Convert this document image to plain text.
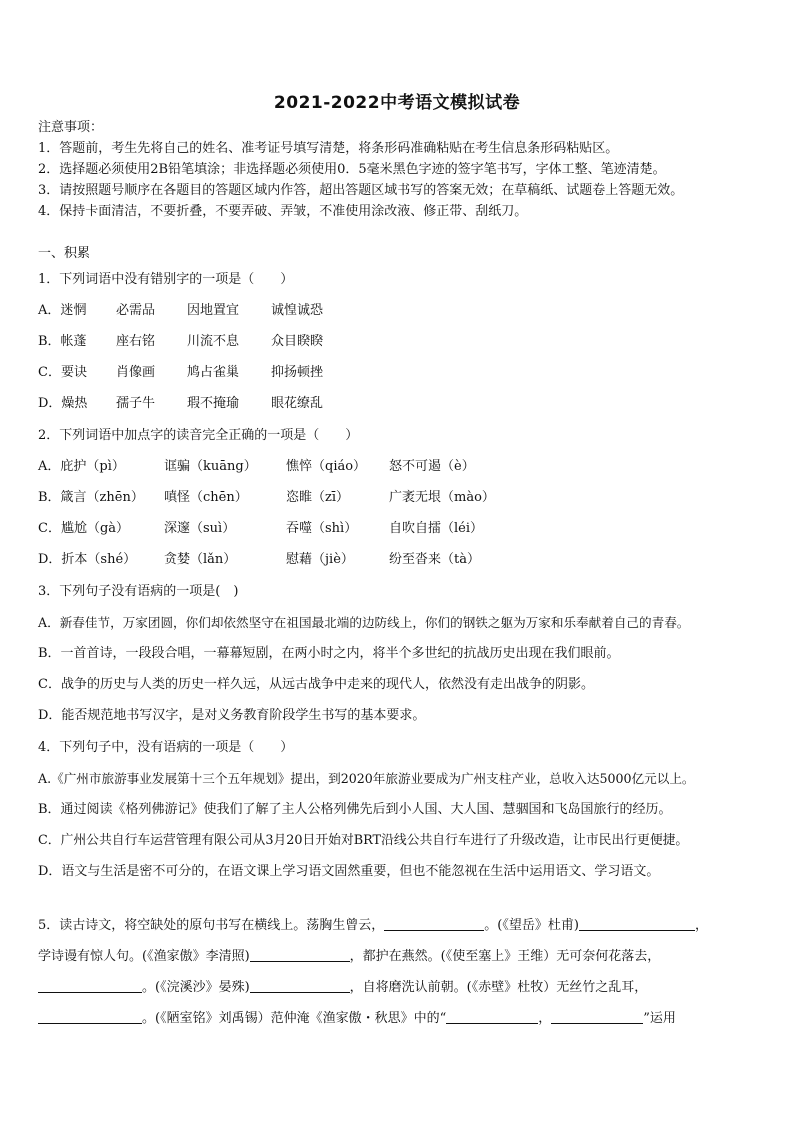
2021-2022中考语文模拟试卷
注意事项：
1．答题前，考生先将自己的姓名、准考证号填写清楚，将条形码准确粘贴在考生信息条形码粘贴区。
2．选择题必须使用2B铅笔填涂；非选择题必须使用0．5毫米黑色字迹的签字笔书写，字体工整、笔迹清楚。
3．请按照题号顺序在各题目的答题区域内作答，超出答题区域书写的答案无效；在草稿纸、试题卷上答题无效。
4．保持卡面清洁，不要折叠，不要弄破、弄皱，不准使用涂改液、修正带、刮纸刀。
一、积累
1．下列词语中没有错别字的一项是（　　）
A．迷惘 必需品 因地置宜 诚惶诚恐
B．帐蓬 座右铭 川流不息 众目睽睽
C．要诀 肖像画 鸠占雀巢 抑扬顿挫
D．燥热 孺子牛 瑕不掩瑜 眼花缭乱
2．下列词语中加点字的读音完全正确的一项是（　　）
A．庇护（pì）	诓骗（kuāng） 憔悴（qiáo） 怒不可遏（è）
B．箴言（zhēn） 嗔怪（chēn）	恣睢（zī）	广袤无垠（mào）
C．尴尬（gà）	深邃（suì）	吞噬（shì） 自吹自擂（léi）
D．折本（shé） 贪婪（lǎn）	慰藉（jiè）	纷至沓来（tà）
3．下列句子没有语病的一项是(　)
A．新春佳节，万家团圆，你们却依然坚守在祖国最北端的边防线上，你们的钢铁之躯为万家和乐奉献着自己的青春。
B．一首首诗，一段段合唱，一幕幕短剧，在两小时之内，将半个多世纪的抗战历史出现在我们眼前。
C．战争的历史与人类的历史一样久远，从远古战争中走来的现代人，依然没有走出战争的阴影。
D．能否规范地书写汉字，是对义务教育阶段学生书写的基本要求。
4．下列句子中，没有语病的一项是（　　）
A.《广州市旅游事业发展第十三个五年规划》提出，到2020年旅游业要成为广州支柱产业，总收入达5000亿元以上。
B．通过阅读《格列佛游记》使我们了解了主人公格列佛先后到小人国、大人国、慧骃国和飞岛国旅行的经历。
C．广州公共自行车运营管理有限公司从3月20日开始对BRT沿线公共自行车进行了升级改造，让市民出行更便捷。
D．语文与生活是密不可分的，在语文课上学习语文固然重要，但也不能忽视在生活中运用语文、学习语文。
5．读古诗文，将空缺处的原句书写在横线上。荡胸生曾云，	。(《望岳》杜甫)	，
学诗谩有惊人句。(《渔家傲》李清照)	，都护在燕然。(《使至塞上》王维）无可奈何花落去，
。(《浣溪沙》晏殊)	，自将磨洗认前朝。(《赤壁》杜牧）无丝竹之乱耳，
。(《陋室铭》刘禹锡）范仲淹《渔家傲・秋思》中的“	，	”运用
